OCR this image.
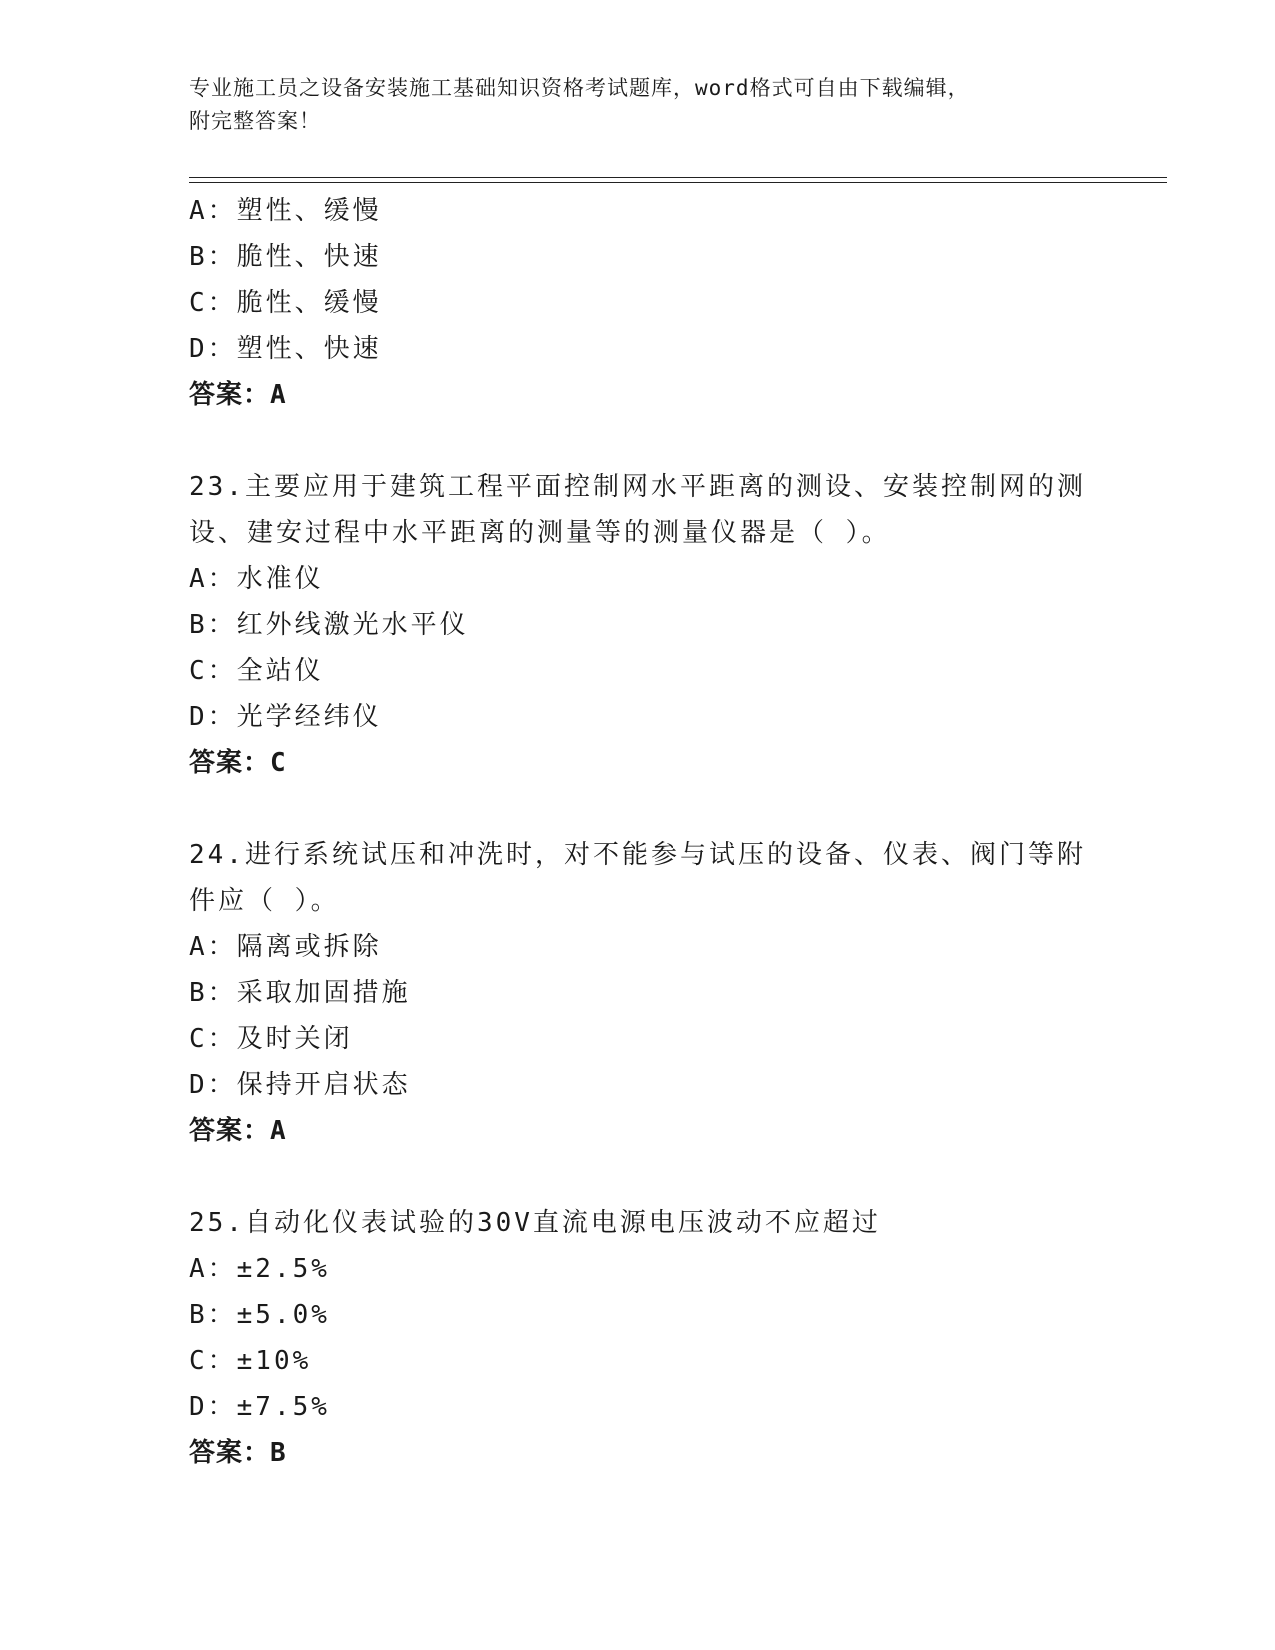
专业施工员之设备安装施工基础知识资格考试题库，word格式可自由下载编辑，
附完整答案！
A：塑性、缓慢
B：脆性、快速
C：脆性、缓慢
D：塑性、快速
答案：A
23.主要应用于建筑工程平面控制网水平距离的测设、安装控制网的测
设、建安过程中水平距离的测量等的测量仪器是（ ）。
A：水准仪
B：红外线激光水平仪
C：全站仪
D：光学经纬仪
答案：C
24.进行系统试压和冲洗时，对不能参与试压的设备、仪表、阀门等附
件应（ ）。
A：隔离或拆除
B：采取加固措施
C：及时关闭
D：保持开启状态
答案：A
25.自动化仪表试验的30V直流电源电压波动不应超过
A：±2.5%
B：±5.0%
C：±10%
D：±7.5%
答案：B
